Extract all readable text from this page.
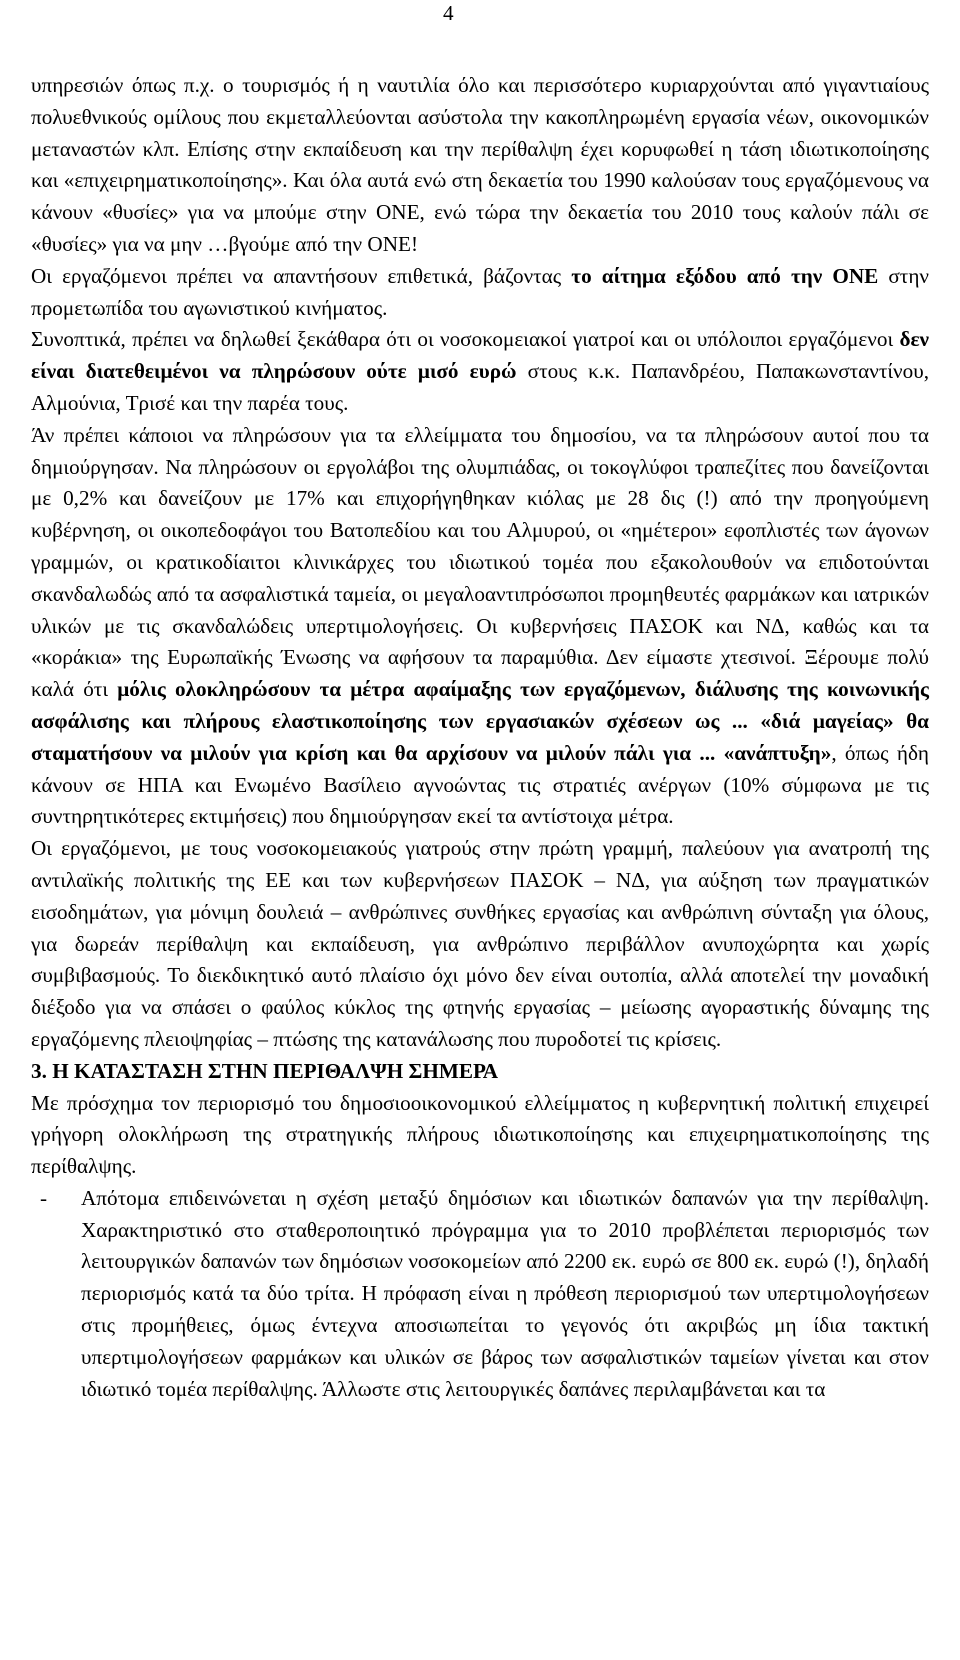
4

υπηρεσιών όπως π.χ. ο τουρισμός ή η ναυτιλία όλο και περισσότερο κυριαρχούνται από γιγαντιαίους πολυεθνικούς ομίλους που εκμεταλλεύονται ασύστολα την κακοπληρωμένη εργασία νέων, οικονομικών μεταναστών κλπ. Επίσης στην εκπαίδευση και την περίθαλψη έχει κορυφωθεί η τάση ιδιωτικοποίησης και «επιχειρηματικοποίησης». Και όλα αυτά ενώ στη δεκαετία του 1990 καλούσαν τους εργαζόμενους να κάνουν «θυσίες» για να μπούμε στην ΟΝΕ, ενώ τώρα την δεκαετία του 2010 τους καλούν πάλι σε «θυσίες» για να μην …βγούμε από την ΟΝΕ!

Οι εργαζόμενοι πρέπει να απαντήσουν επιθετικά, βάζοντας το αίτημα εξόδου από την ΟΝΕ στην προμετωπίδα του αγωνιστικού κινήματος.

Συνοπτικά, πρέπει να δηλωθεί ξεκάθαρα ότι οι νοσοκομειακοί γιατροί και οι υπόλοιποι εργαζόμενοι δεν είναι διατεθειμένοι να πληρώσουν ούτε μισό ευρώ στους κ.κ. Παπανδρέου, Παπακωνσταντίνου, Αλμούνια, Τρισέ και την παρέα τους.

Άν πρέπει κάποιοι να πληρώσουν για τα ελλείμματα του δημοσίου, να τα πληρώσουν αυτοί που τα δημιούργησαν. Να πληρώσουν οι εργολάβοι της ολυμπιάδας, οι τοκογλύφοι τραπεζίτες που δανείζονται με 0,2% και δανείζουν με 17% και επιχορήγηθηκαν κιόλας με 28 δις (!) από την προηγούμενη κυβέρνηση, οι οικοπεδοφάγοι του Βατοπεδίου και του Αλμυρού, οι «ημέτεροι» εφοπλιστές των άγονων γραμμών, οι κρατικοδίαιτοι κλινικάρχες του ιδιωτικού τομέα που εξακολουθούν να επιδοτούνται σκανδαλωδώς από τα ασφαλιστικά ταμεία, οι μεγαλοαντιπρόσωποι προμηθευτές φαρμάκων και ιατρικών υλικών με τις σκανδαλώδεις υπερτιμολογήσεις. Οι κυβερνήσεις ΠΑΣΟΚ και ΝΔ, καθώς και τα «κοράκια» της Ευρωπαϊκής Ένωσης να αφήσουν τα παραμύθια. Δεν είμαστε χτεσινοί. Ξέρουμε πολύ καλά ότι μόλις ολοκληρώσουν τα μέτρα αφαίμαξης των εργαζόμενων, διάλυσης της κοινωνικής ασφάλισης και πλήρους ελαστικοποίησης των εργασιακών σχέσεων ως ... «διά μαγείας» θα σταματήσουν να μιλούν για κρίση και θα αρχίσουν να μιλούν πάλι για ... «ανάπτυξη», όπως ήδη κάνουν σε ΗΠΑ και Ενωμένο Βασίλειο αγνοώντας τις στρατιές ανέργων (10% σύμφωνα με τις συντηρητικότερες εκτιμήσεις) που δημιούργησαν εκεί τα αντίστοιχα μέτρα.

Οι εργαζόμενοι, με τους νοσοκομειακούς γιατρούς στην πρώτη γραμμή, παλεύουν για ανατροπή της αντιλαϊκής πολιτικής της ΕΕ και των κυβερνήσεων ΠΑΣΟΚ – ΝΔ, για αύξηση των πραγματικών εισοδημάτων, για μόνιμη δουλειά – ανθρώπινες συνθήκες εργασίας και ανθρώπινη σύνταξη για όλους, για δωρεάν περίθαλψη και εκπαίδευση, για ανθρώπινο περιβάλλον ανυποχώρητα και χωρίς συμβιβασμούς. Το διεκδικητικό αυτό πλαίσιο όχι μόνο δεν είναι ουτοπία, αλλά αποτελεί την μοναδική διέξοδο για να σπάσει ο φαύλος κύκλος της φτηνής εργασίας – μείωσης αγοραστικής δύναμης της εργαζόμενης πλειοψηφίας – πτώσης της κατανάλωσης που πυροδοτεί τις κρίσεις.

3. Η ΚΑΤΑΣΤΑΣΗ ΣΤΗΝ ΠΕΡΙΘΑΛΨΗ ΣΗΜΕΡΑ

Με πρόσχημα τον περιορισμό του δημοσιοοικονομικού ελλείμματος η κυβερνητική πολιτική επιχειρεί γρήγορη ολοκλήρωση της στρατηγικής πλήρους ιδιωτικοποίησης και επιχειρηματικοποίησης της περίθαλψης.

- Απότομα επιδεινώνεται η σχέση μεταξύ δημόσιων και ιδιωτικών δαπανών για την περίθαλψη. Χαρακτηριστικό στο σταθεροποιητικό πρόγραμμα για το 2010 προβλέπεται περιορισμός των λειτουργικών δαπανών των δημόσιων νοσοκομείων από 2200 εκ. ευρώ σε 800 εκ. ευρώ (!), δηλαδή περιορισμός κατά τα δύο τρίτα. Η πρόφαση είναι η πρόθεση περιορισμού των υπερτιμολογήσεων στις προμήθειες, όμως έντεχνα αποσιωπείται το γεγονός ότι ακριβώς μη ίδια τακτική υπερτιμολογήσεων φαρμάκων και υλικών σε βάρος των ασφαλιστικών ταμείων γίνεται και στον ιδιωτικό τομέα περίθαλψης. Άλλωστε στις λειτουργικές δαπάνες περιλαμβάνεται και τα
